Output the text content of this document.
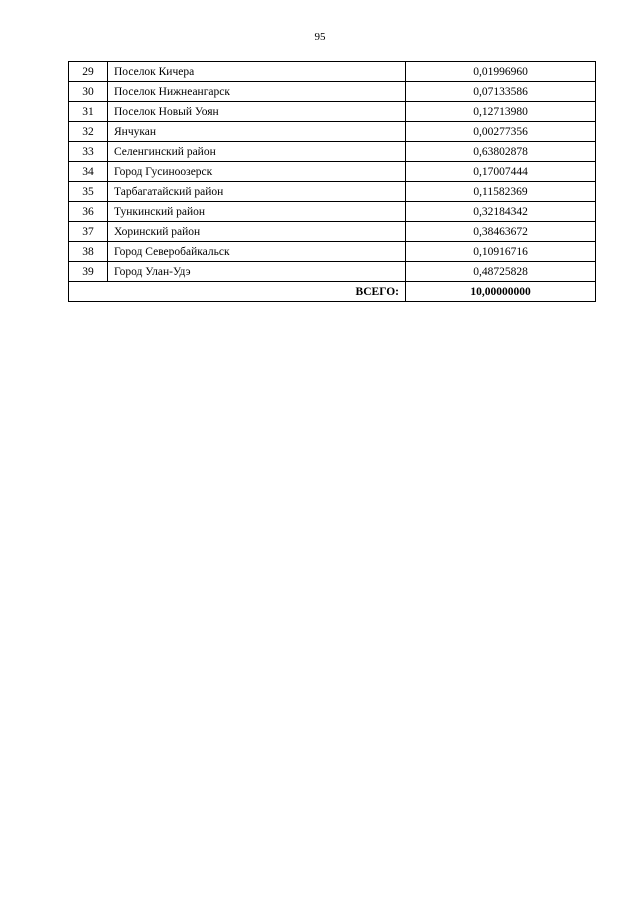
95
29	Поселок Кичера	0,01996960
30	Поселок Нижнеангарск	0,07133586
31	Поселок Новый Уоян	0,12713980
32	Янчукан	0,00277356
33	Селенгинский район	0,63802878
34	Город Гусиноозерск	0,17007444
35	Тарбагатайский район	0,11582369
36	Тункинский район	0,32184342
37	Хоринский район	0,38463672
38	Город Северобайкальск	0,10916716
39	Город Улан-Удэ	0,48725828
ВСЕГО:		10,00000000
